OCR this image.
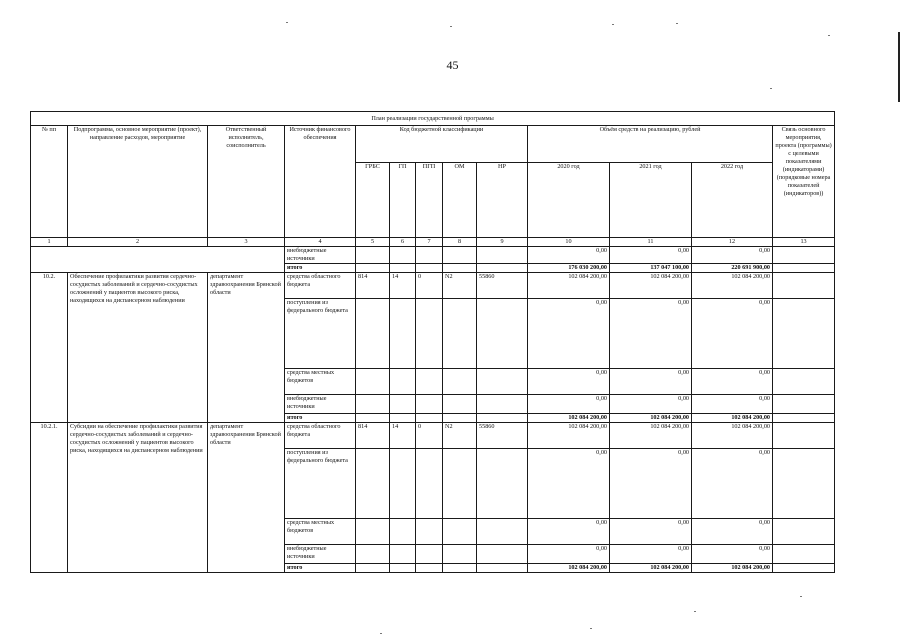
45
План реализации государственной программы												
№ пп	Подпрограмма, основное мероприятие (проект), направление расходов, мероприятие	Ответственный исполнитель, соисполнитель	Источник финансового обеспечения	Код бюджетной классификации					Объём средств на реализацию, рублей			Связь основного мероприятия, проекта (программы) с целевыми показателями (индикаторами) (порядковые номера показателей (индикаторов))
				ГРБС	ГП	ПГП	ОМ	НР	2020 год	2021 год	2022 год	
1	2	3	4	5	6	7	8	9	10	11	12	13
			внебюджетные источники						0,00	0,00	0,00	
			итого						176 030 200,00	137 047 100,00	220 691 900,00	
10.2.	Обеспечение профилактики развития сердечно-сосудистых заболеваний и сердечно-сосудистых осложнений у пациентов высокого риска, находящихся на диспансерном наблюдении	департамент здравоохранения Брянской области	средства областного бюджета	814	14	0	N2	55860	102 084 200,00	102 084 200,00	102 084 200,00	
			поступления из федерального бюджета						0,00	0,00	0,00	
			средства местных бюджетов						0,00	0,00	0,00	
			внебюджетные источники						0,00	0,00	0,00	
			итого						102 084 200,00	102 084 200,00	102 084 200,00	
10.2.1.	Субсидии на обеспечение профилактики развития сердечно-сосудистых заболеваний и сердечно-сосудистых осложнений у пациентов высокого риска, находящихся на диспансерном наблюдении	департамент здравоохранения Брянской области	средства областного бюджета	814	14	0	N2	55860	102 084 200,00	102 084 200,00	102 084 200,00	
			поступления из федерального бюджета						0,00	0,00	0,00	
			средства местных бюджетов						0,00	0,00	0,00	
			внебюджетные источники						0,00	0,00	0,00	
			итого						102 084 200,00	102 084 200,00	102 084 200,00	
